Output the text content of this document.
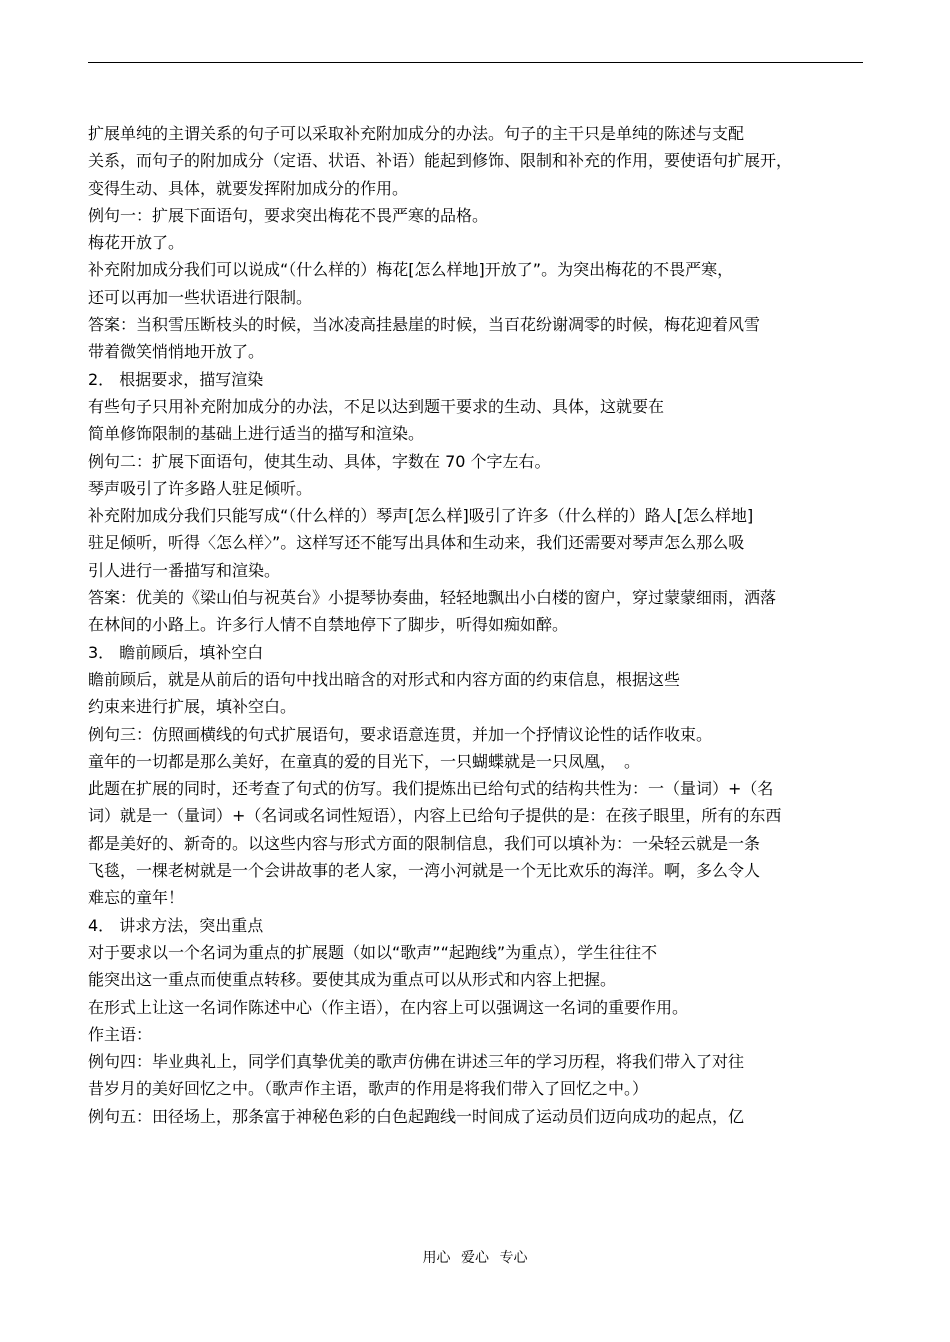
扩展单纯的主谓关系的句子可以采取补充附加成分的办法。句子的主干只是单纯的陈述与支配
关系，而句子的附加成分（定语、状语、补语）能起到修饰、限制和补充的作用，要使语句扩展开，
变得生动、具体，就要发挥附加成分的作用。
例句一：扩展下面语句，要求突出梅花不畏严寒的品格。
梅花开放了。
补充附加成分我们可以说成“（什么样的）梅花[怎么样地]开放了”。为突出梅花的不畏严寒，
还可以再加一些状语进行限制。
答案：当积雪压断枝头的时候，当冰凌高挂悬崖的时候，当百花纷谢凋零的时候，梅花迎着风雪
带着微笑悄悄地开放了。
2． 根据要求，描写渲染
有些句子只用补充附加成分的办法，不足以达到题干要求的生动、具体，这就要在
简单修饰限制的基础上进行适当的描写和渲染。
例句二：扩展下面语句，使其生动、具体，字数在 70 个字左右。
琴声吸引了许多路人驻足倾听。
补充附加成分我们只能写成“（什么样的）琴声[怎么样]吸引了许多（什么样的）路人[怎么样地]
驻足倾听，听得〈怎么样〉”。这样写还不能写出具体和生动来，我们还需要对琴声怎么那么吸
引人进行一番描写和渲染。
答案：优美的《梁山伯与祝英台》小提琴协奏曲，轻轻地飘出小白楼的窗户，穿过蒙蒙细雨，洒落
在林间的小路上。许多行人情不自禁地停下了脚步，听得如痴如醉。
3． 瞻前顾后，填补空白
瞻前顾后，就是从前后的语句中找出暗含的对形式和内容方面的约束信息，根据这些
约束来进行扩展，填补空白。
例句三：仿照画横线的句式扩展语句，要求语意连贯，并加一个抒情议论性的话作收束。
童年的一切都是那么美好，在童真的爱的目光下，一只蝴蝶就是一只凤凰，　。
此题在扩展的同时，还考查了句式的仿写。我们提炼出已给句式的结构共性为：一（量词）+（名
词）就是一（量词）+（名词或名词性短语），内容上已给句子提供的是：在孩子眼里，所有的东西
都是美好的、新奇的。以这些内容与形式方面的限制信息，我们可以填补为：一朵轻云就是一条
飞毯，一棵老树就是一个会讲故事的老人家，一湾小河就是一个无比欢乐的海洋。啊，多么令人
难忘的童年！
4． 讲求方法，突出重点
对于要求以一个名词为重点的扩展题（如以“歌声”“起跑线”为重点），学生往往不
能突出这一重点而使重点转移。要使其成为重点可以从形式和内容上把握。
在形式上让这一名词作陈述中心（作主语），在内容上可以强调这一名词的重要作用。
作主语：
例句四：毕业典礼上，同学们真挚优美的歌声仿佛在讲述三年的学习历程，将我们带入了对往
昔岁月的美好回忆之中。（歌声作主语，歌声的作用是将我们带入了回忆之中。）
例句五：田径场上，那条富于神秘色彩的白色起跑线一时间成了运动员们迈向成功的起点，亿
用心 爱心 专心
